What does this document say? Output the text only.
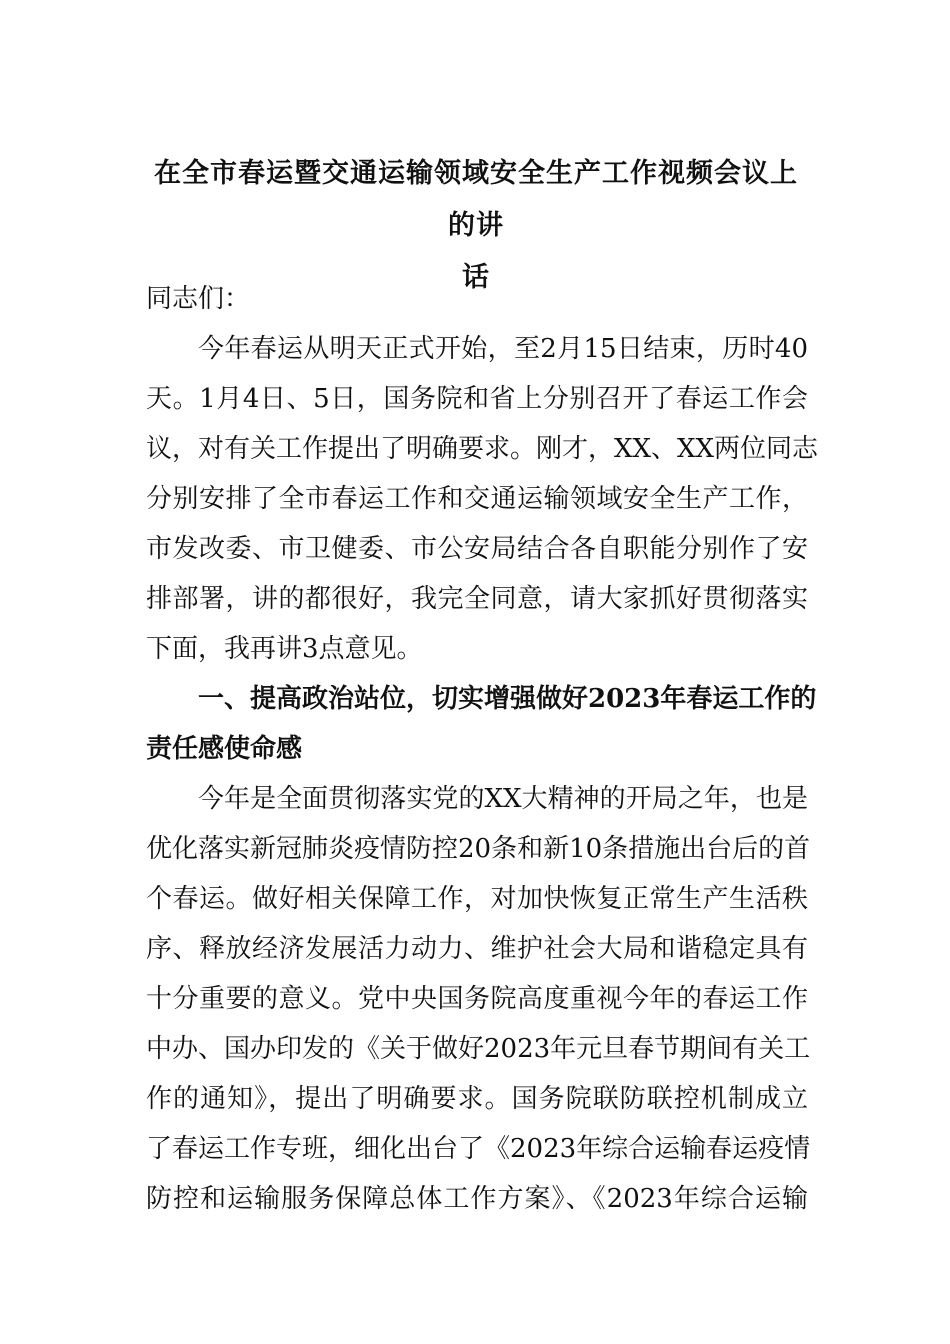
在全市春运暨交通运输领域安全生产工作视频会议上的讲
话
同志们：
今年春运从明天正式开始，至2月15日结束，历时40
天。1月4日、5日，国务院和省上分别召开了春运工作会
议，对有关工作提出了明确要求。刚才，XX、XX两位同志
分别安排了全市春运工作和交通运输领域安全生产工作，
市发改委、市卫健委、市公安局结合各自职能分别作了安
排部署，讲的都很好，我完全同意，请大家抓好贯彻落实
下面，我再讲3点意见。
一、提高政治站位，切实增强做好2023年春运工作的
责任感使命感
今年是全面贯彻落实党的XX大精神的开局之年，也是
优化落实新冠肺炎疫情防控20条和新10条措施出台后的首
个春运。做好相关保障工作，对加快恢复正常生产生活秩
序、释放经济发展活力动力、维护社会大局和谐稳定具有
十分重要的意义。党中央国务院高度重视今年的春运工作
中办、国办印发的《关于做好2023年元旦春节期间有关工
作的通知》，提出了明确要求。国务院联防联控机制成立
了春运工作专班，细化出台了《2023年综合运输春运疫情
防控和运输服务保障总体工作方案》、《2023年综合运输
